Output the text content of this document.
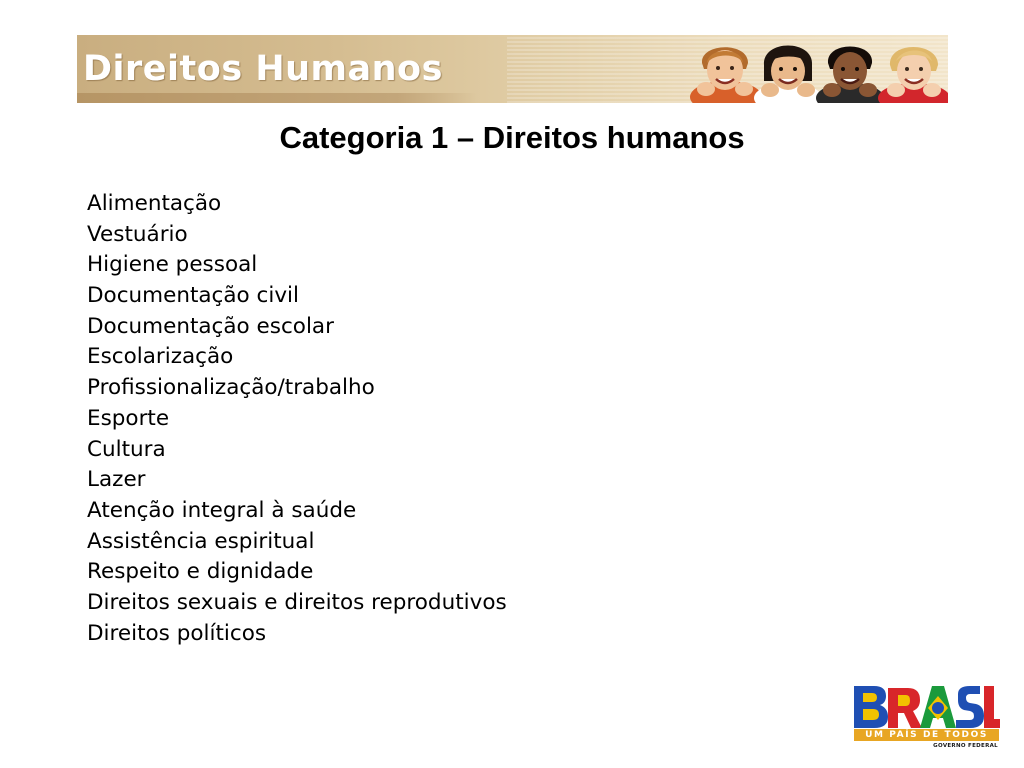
Direitos Humanos
Categoria 1 – Direitos humanos
Alimentação
Vestuário
Higiene pessoal
Documentação civil
Documentação escolar
Escolarização
Profissionalização/trabalho
Esporte
Cultura
Lazer
Atenção integral à saúde
Assistência espiritual
Respeito e dignidade
Direitos sexuais e direitos reprodutivos
Direitos políticos
UM PAÍS DE TODOS
GOVERNO FEDERAL
